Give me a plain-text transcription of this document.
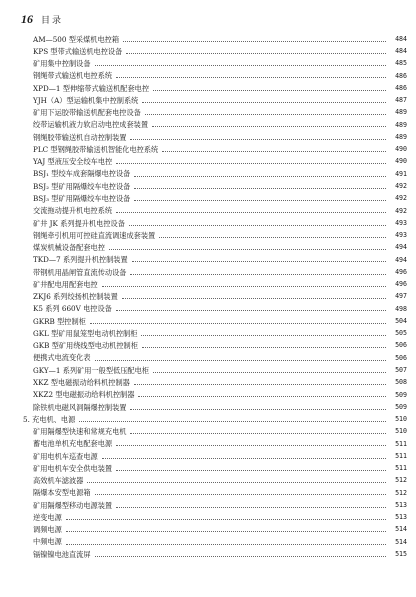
16 目录
AM—500 型采煤机电控箱	484
KPS 型带式输送机电控设备	484
矿用集中控制设备	485
钢绳带式输送机电控系统	486
XPD—1 型伸缩带式输送机配套电控	486
YJH（A）型运输机集中控制系统	487
矿用下运胶带输送机配套电控设备	489
绞带运输机液力软启动电控成套装置	489
钢绳胶带输送机自动控制装置	489
PLC 型钢绳胶带输送机智能化电控系统	490
YAJ 型液压安全绞车电控	490
BSJ₁ 型绞车成套隔爆电控设备	491
BSJ₂ 型矿用隔爆绞车电控设备	492
BSJ₃ 型矿用隔爆绞车电控设备	492
交流拖动提升机电控系统	492
矿井 JK 系列提升机电控设备	493
钢绳牵引机用可控硅直流调速成套装置	493
煤炭机械设备配套电控	494
TKD—7 系列提升机控制装置	494
带钢机用晶闸管直流传动设备	496
矿井配电用配套电控	496
ZKJ6 系列绞扬机控制装置	497
K5 系列 660V 电控设备	498
GKRB 型控制柜	504
GKL 型矿用鼠笼型电动机控制柜	505
GKB 型矿用绕线型电动机控制柜	506
便携式电流变化表	506
GKY—1 系列矿用一般型低压配电柜	507
XKZ 型电磁振动给料机控制器	508
XKZ2 型电磁振动给料机控制器	509
除铁机电磁风洞隔爆控制装置	509
5. 充电机、电源	510
矿用隔爆型快速和常规充电机	510
蓄电池单机充电配套电源	511
矿用电机车巡查电源	511
矿用电机车安全供电装置	511
高效机车滤波器	512
隔爆本安型电源箱	512
矿用隔爆型移动电源装置	513
逆变电源	513
调频电源	514
中频电源	514
镉镍镍电池直流屏	515
